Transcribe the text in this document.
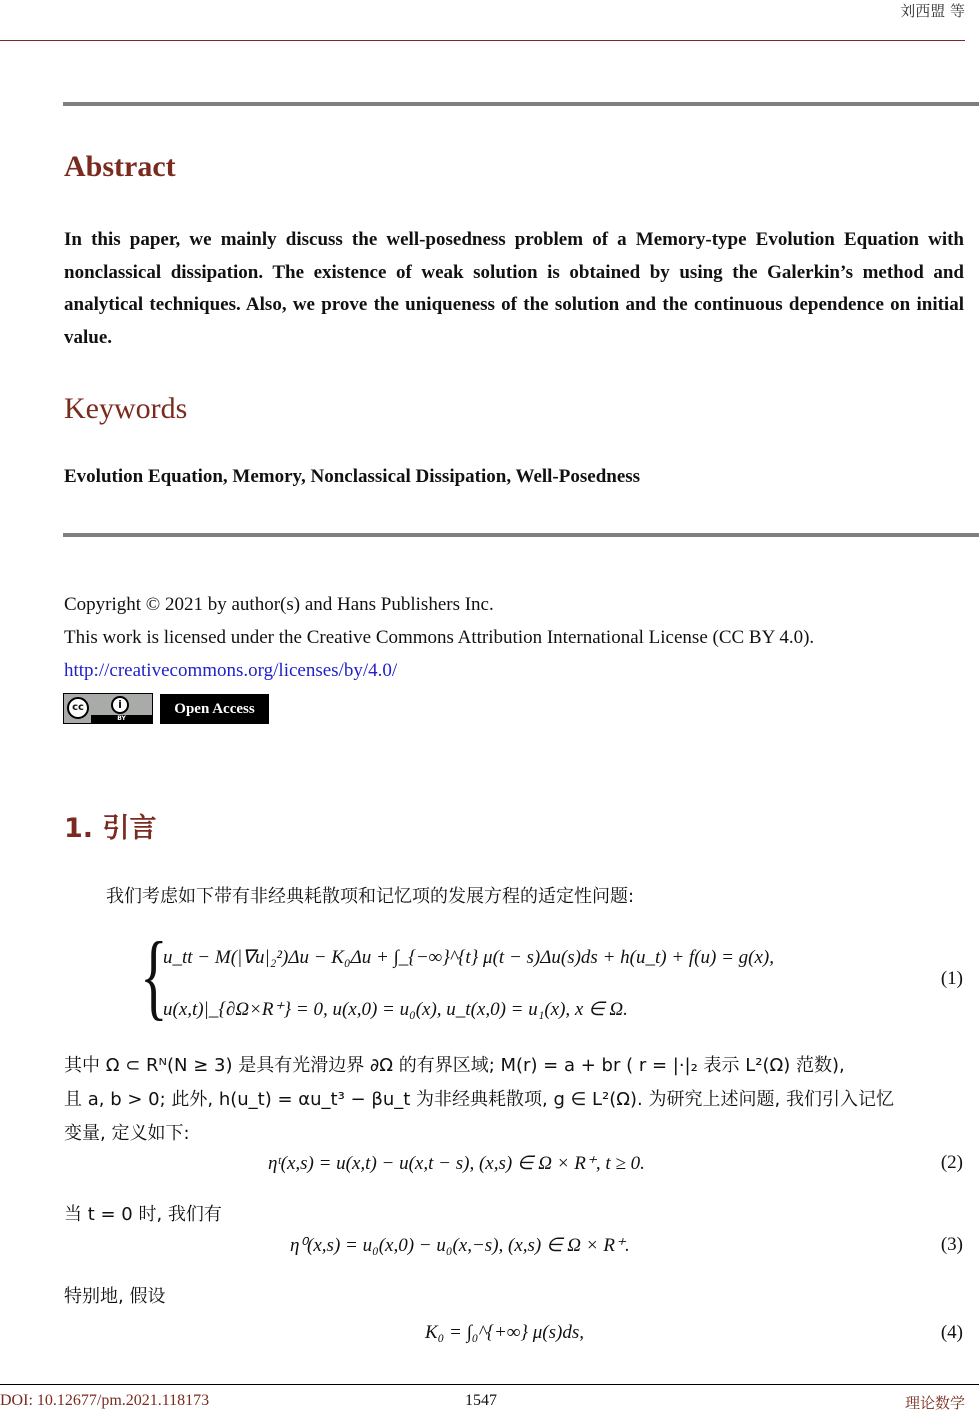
刘西盟 等
Abstract
In this paper, we mainly discuss the well-posedness problem of a Memory-type Evolution Equation with nonclassical dissipation. The existence of weak solution is obtained by using the Galerkin’s method and analytical techniques. Also, we prove the uniqueness of the solution and the continuous dependence on initial value.
Keywords
Evolution Equation, Memory, Nonclassical Dissipation, Well-Posedness
Copyright © 2021 by author(s) and Hans Publishers Inc.
This work is licensed under the Creative Commons Attribution International License (CC BY 4.0).
http://creativecommons.org/licenses/by/4.0/
cc	i
BY
Open Access
1. 引言
我们考虑如下带有非经典耗散项和记忆项的发展方程的适定性问题:
{
u_tt − M(|∇u|₂²)Δu − K₀Δu + ∫_{−∞}^{t} μ(t − s)Δu(s)ds + h(u_t) + f(u) = g(x),
u(x,t)|_{∂Ω×R⁺} = 0, u(x,0) = u₀(x), u_t(x,0) = u₁(x), x ∈ Ω.
(1)
其中 Ω ⊂ Rᴺ(N ≥ 3) 是具有光滑边界 ∂Ω 的有界区域; M(r) = a + br ( r = |·|₂ 表示 L²(Ω) 范数),
且 a, b > 0; 此外, h(u_t) = αu_t³ − βu_t 为非经典耗散项, g ∈ L²(Ω). 为研究上述问题, 我们引入记忆
变量, 定义如下:
ηᵗ(x,s) = u(x,t) − u(x,t − s), (x,s) ∈ Ω × R⁺, t ≥ 0.	(2)
当 t = 0 时, 我们有
η⁰(x,s) = u₀(x,0) − u₀(x,−s), (x,s) ∈ Ω × R⁺.	(3)
特别地, 假设
K₀ = ∫₀^{+∞} μ(s)ds,	(4)
DOI: 10.12677/pm.2021.118173	1547	理论数学
